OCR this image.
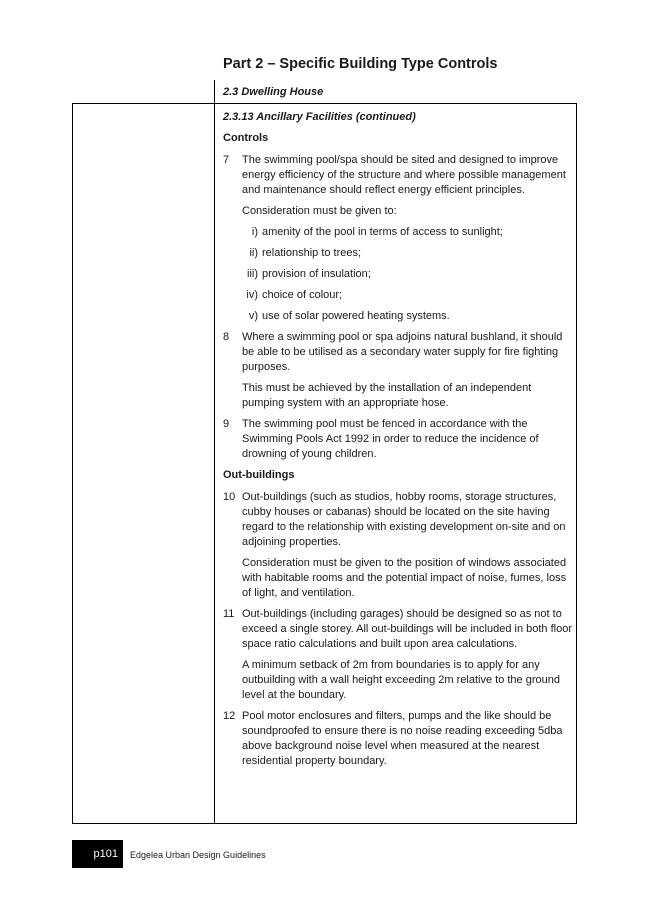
Part 2 – Specific Building Type Controls
2.3 Dwelling House

2.3.13 Ancillary Facilities (continued)

Controls

7 The swimming pool/spa should be sited and designed to improve energy efficiency of the structure and where possible management and maintenance should reflect energy efficient principles.

Consideration must be given to:

i) amenity of the pool in terms of access to sunlight;
ii) relationship to trees;
iii) provision of insulation;
iv) choice of colour;
v) use of solar powered heating systems.
8 Where a swimming pool or spa adjoins natural bushland, it should be able to be utilised as a secondary water supply for fire fighting purposes.

This must be achieved by the installation of an independent pumping system with an appropriate hose.

9 The swimming pool must be fenced in accordance with the Swimming Pools Act 1992 in order to reduce the incidence of drowning of young children.

Out-buildings

10 Out-buildings (such as studios, hobby rooms, storage structures, cubby houses or cabanas) should be located on the site having regard to the relationship with existing development on-site and on adjoining properties.

Consideration must be given to the position of windows associated with habitable rooms and the potential impact of noise, fumes, loss of light, and ventilation.

11 Out-buildings (including garages) should be designed so as not to exceed a single storey. All out-buildings will be included in both floor space ratio calculations and built upon area calculations.

A minimum setback of 2m from boundaries is to apply for any outbuilding with a wall height exceeding 2m relative to the ground level at the boundary.

12 Pool motor enclosures and filters, pumps and the like should be soundproofed to ensure there is no noise reading exceeding 5dba above background noise level when measured at the nearest residential property boundary.
p101	Edgelea Urban Design Guidelines
